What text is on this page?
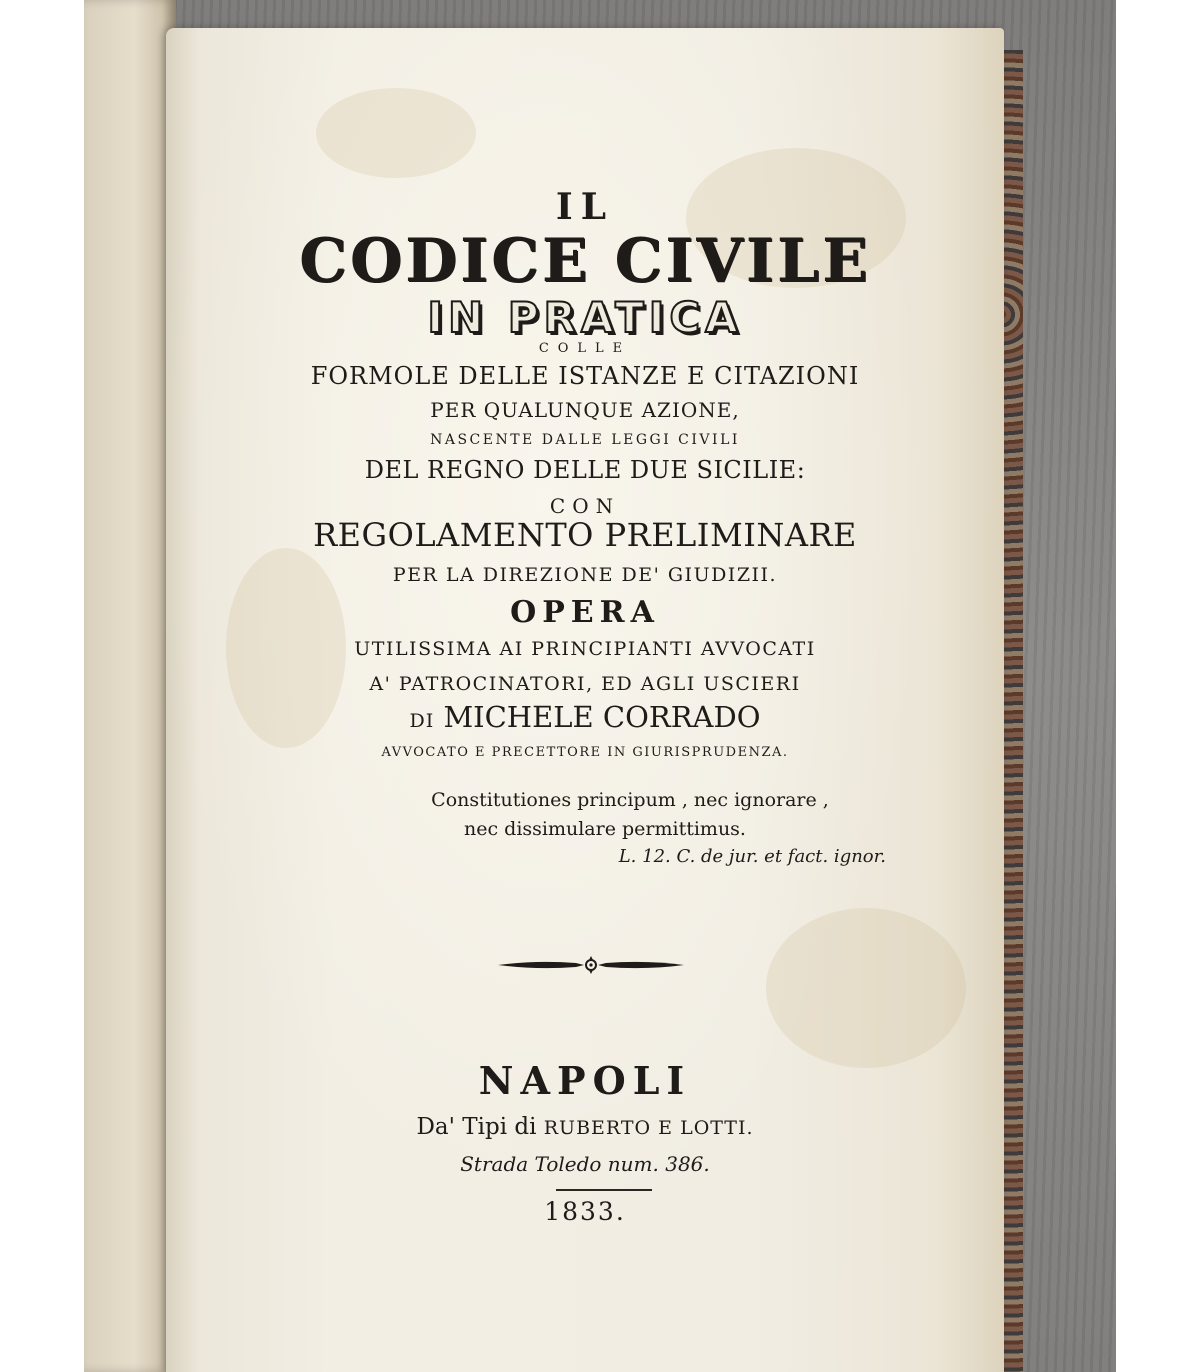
IL
CODICE CIVILE
IN PRATICA
COLLE
FORMOLE DELLE ISTANZE E CITAZIONI
PER QUALUNQUE AZIONE,
NASCENTE DALLE LEGGI CIVILI
DEL REGNO DELLE DUE SICILIE:
CON
REGOLAMENTO PRELIMINARE
PER LA DIREZIONE DE' GIUDIZII.
OPERA
UTILISSIMA AI PRINCIPIANTI AVVOCATI
A' PATROCINATORI, ED AGLI USCIERI
DI MICHELE CORRADO
AVVOCATO E PRECETTORE IN GIURISPRUDENZA.
Constitutiones principum , nec ignorare ,
nec dissimulare permittimus.
L. 12. C. de jur. et fact. ignor.
NAPOLI
Da' Tipi di RUBERTO E LOTTI.
Strada Toledo num. 386.
1833.
